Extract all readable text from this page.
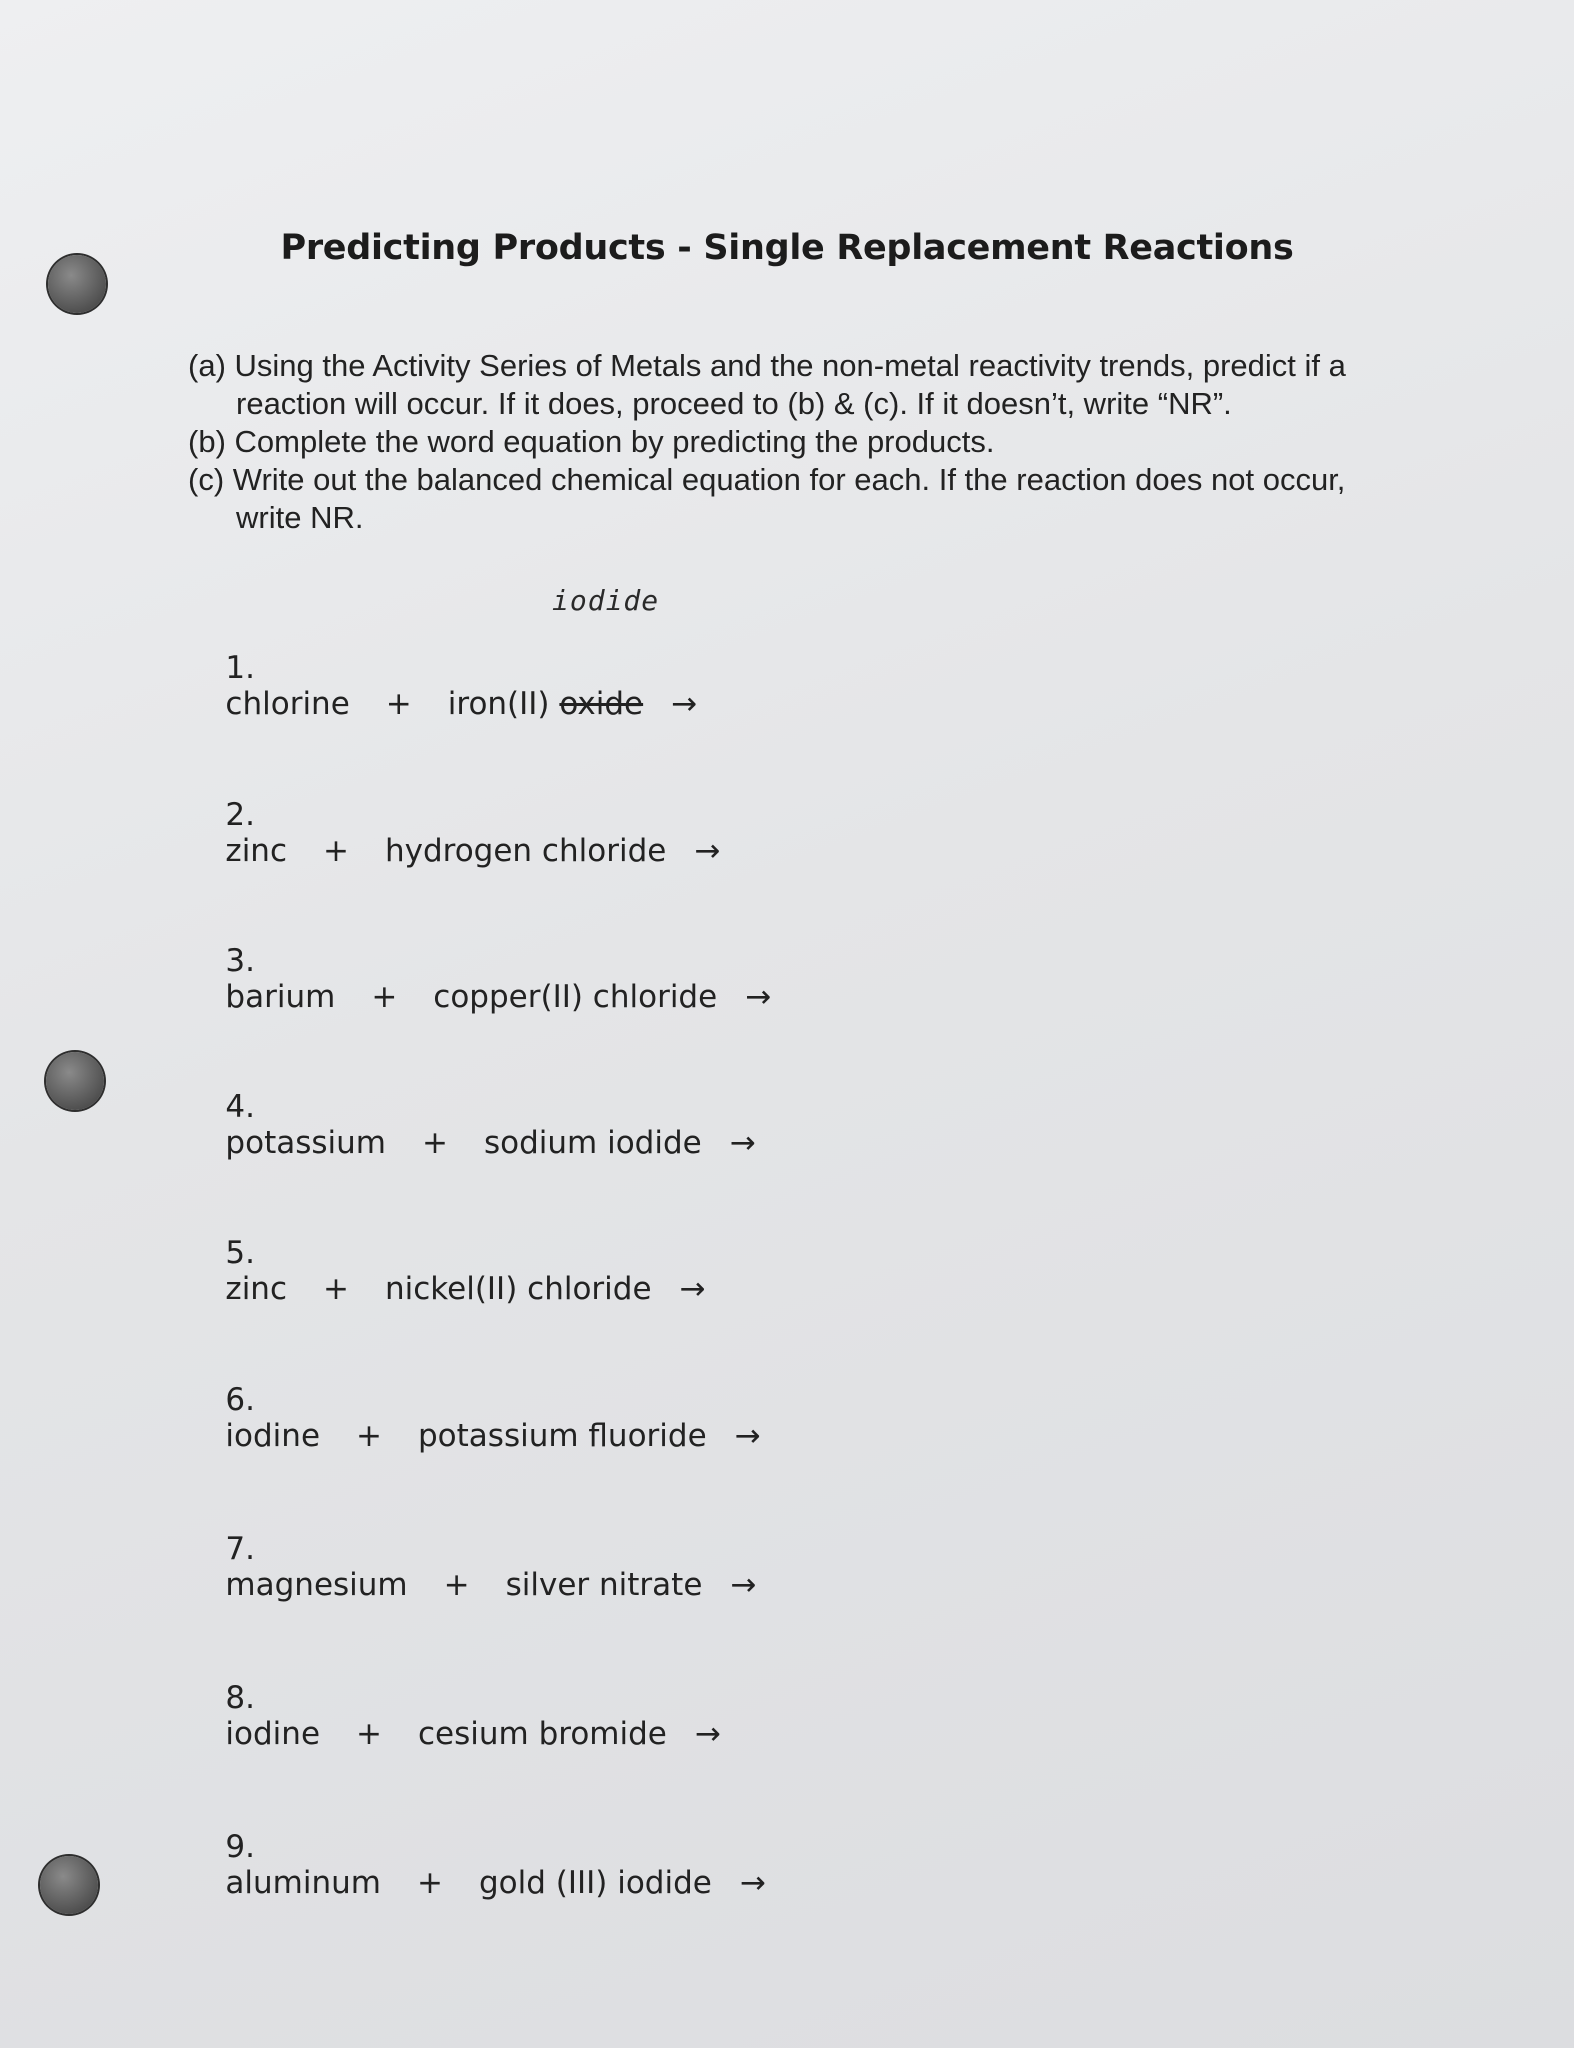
Predicting Products - Single Replacement Reactions

(a) Using the Activity Series of Metals and the non-metal reactivity trends, predict if a reaction will occur. If it does, proceed to (b) & (c). If it doesn’t, write “NR”.

(b) Complete the word equation by predicting the products.

(c) Write out the balanced chemical equation for each. If the reaction does not occur, write NR.

iodide

1.
chlorine + iron(II) oxide →

2.
zinc + hydrogen chloride →

3.
barium + copper(II) chloride →

4.
potassium + sodium iodide →

5.
zinc + nickel(II) chloride →

6.
iodine + potassium fluoride →

7.
magnesium + silver nitrate →

8.
iodine + cesium bromide →

9.
aluminum + gold (III) iodide →
